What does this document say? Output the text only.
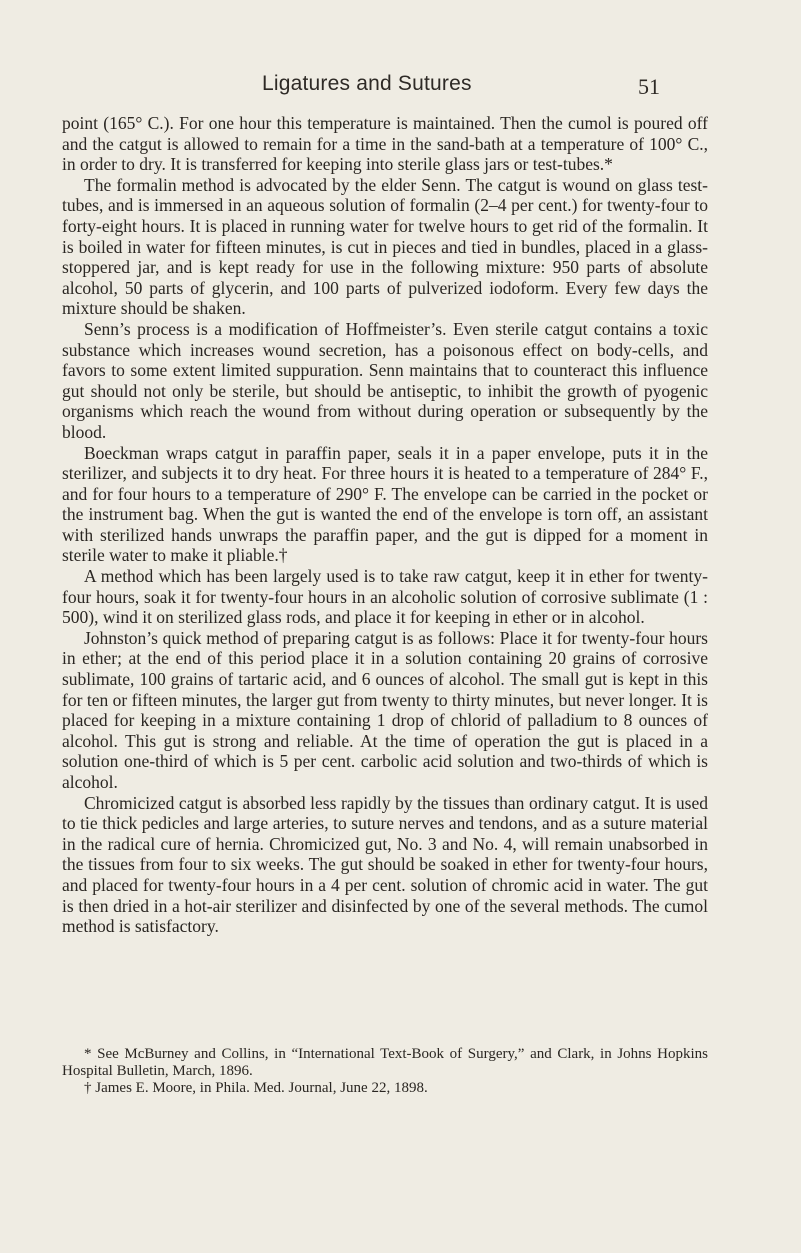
Ligatures and Sutures	51

point (165° C.). For one hour this temperature is maintained. Then the cumol is poured off and the catgut is allowed to remain for a time in the sand-bath at a temperature of 100° C., in order to dry. It is transferred for keeping into sterile glass jars or test-tubes.*

The formalin method is advocated by the elder Senn. The catgut is wound on glass test-tubes, and is immersed in an aqueous solution of formalin (2–4 per cent.) for twenty-four to forty-eight hours. It is placed in running water for twelve hours to get rid of the formalin. It is boiled in water for fifteen minutes, is cut in pieces and tied in bundles, placed in a glass-stoppered jar, and is kept ready for use in the following mixture: 950 parts of absolute alcohol, 50 parts of glycerin, and 100 parts of pulverized iodoform. Every few days the mixture should be shaken.

Senn’s process is a modification of Hoffmeister’s. Even sterile catgut contains a toxic substance which increases wound secretion, has a poisonous effect on body-cells, and favors to some extent limited suppuration. Senn maintains that to counteract this influence gut should not only be sterile, but should be antiseptic, to inhibit the growth of pyogenic organisms which reach the wound from without during operation or subsequently by the blood.

Boeckman wraps catgut in paraffin paper, seals it in a paper envelope, puts it in the sterilizer, and subjects it to dry heat. For three hours it is heated to a temperature of 284° F., and for four hours to a temperature of 290° F. The envelope can be carried in the pocket or the instrument bag. When the gut is wanted the end of the envelope is torn off, an assistant with sterilized hands unwraps the paraffin paper, and the gut is dipped for a moment in sterile water to make it pliable.†

A method which has been largely used is to take raw catgut, keep it in ether for twenty-four hours, soak it for twenty-four hours in an alcoholic solution of corrosive sublimate (1 : 500), wind it on sterilized glass rods, and place it for keeping in ether or in alcohol.

Johnston’s quick method of preparing catgut is as follows: Place it for twenty-four hours in ether; at the end of this period place it in a solution containing 20 grains of corrosive sublimate, 100 grains of tartaric acid, and 6 ounces of alcohol. The small gut is kept in this for ten or fifteen minutes, the larger gut from twenty to thirty minutes, but never longer. It is placed for keeping in a mixture containing 1 drop of chlorid of palladium to 8 ounces of alcohol. This gut is strong and reliable. At the time of operation the gut is placed in a solution one-third of which is 5 per cent. carbolic acid solution and two-thirds of which is alcohol.

Chromicized catgut is absorbed less rapidly by the tissues than ordinary catgut. It is used to tie thick pedicles and large arteries, to suture nerves and tendons, and as a suture material in the radical cure of hernia. Chromicized gut, No. 3 and No. 4, will remain unabsorbed in the tissues from four to six weeks. The gut should be soaked in ether for twenty-four hours, and placed for twenty-four hours in a 4 per cent. solution of chromic acid in water. The gut is then dried in a hot-air sterilizer and disinfected by one of the several methods. The cumol method is satisfactory.

* See McBurney and Collins, in “International Text-Book of Surgery,” and Clark, in Johns Hopkins Hospital Bulletin, March, 1896.

† James E. Moore, in Phila. Med. Journal, June 22, 1898.
